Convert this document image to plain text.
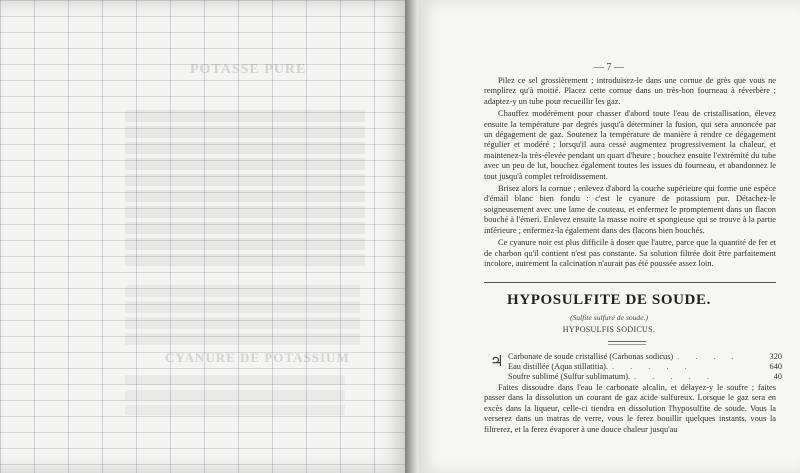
POTASSE PURE
CYANURE DE POTASSIUM
— 7 —

Pilez ce sel grossièrement ; introduisez-le dans une cornue de grès que vous ne remplirez qu'à moitié. Placez cette cornue dans un très-bon fourneau à réverbère ; adaptez-y un tube pour recueillir les gaz.

Chauffez modérément pour chasser d'abord toute l'eau de cristallisation, élevez ensuite la température par degrés jusqu'à déterminer la fusion, qui sera annoncée par un dégagement de gaz. Soutenez la température de manière à rendre ce dégagement régulier et modéré ; lorsqu'il aura cessé augmentez progressivement la chaleur, et maintenez-la très-élevée pendant un quart d'heure ; bouchez ensuite l'extrémité du tube avec un peu de lut, bouchez également toutes les issues du fourneau, et abandonnez le tout jusqu'à complet refroidissement.

Brisez alors la cornue ; enlevez d'abord la couche supérieure qui forme une espèce d'émail blanc bien fondu : c'est le cyanure de potassium pur. Détachez-le soigneusement avec une lame de couteau, et enfermez le promptement dans un flacon bouché à l'émeri. Enlevez ensuite la masse noire et spongieuse qui se trouve à la partie inférieure ; enfermez-la également dans des flacons bien bouchés.

Ce cyanure noir est plus difficile à doser que l'autre, parce que la quantité de fer et de charbon qu'il contient n'est pas constante. Sa solution filtrée doit être parfaitement incolore, autrement la calcination n'aurait pas été poussée assez loin.

HYPOSULFITE DE SOUDE.
(Sulfite sulfuré de soude.)
HYPOSULFIS SODICUS.
♃ Carbonate de soude cristallisé (Carbonas sodicus) . . . .	320
Eau distillée (Aqua stillatitia). . . . . .	640
Soufre sublimé (Sulfur sublimatum). . . . . .	40

Faites dissoudre dans l'eau le carbonate alcalin, et délayez-y le soufre ; faites passer dans la dissolution un courant de gaz acide sulfureux. Lorsque le gaz sera en excès dans la liqueur, celle-ci tiendra en dissolution l'hyposulfite de soude. Vous la verserez dans un matras de verre, vous le ferez bouillir quelques instants, vous la filtrerez, et la ferez évaporer à une douce chaleur jusqu'au
